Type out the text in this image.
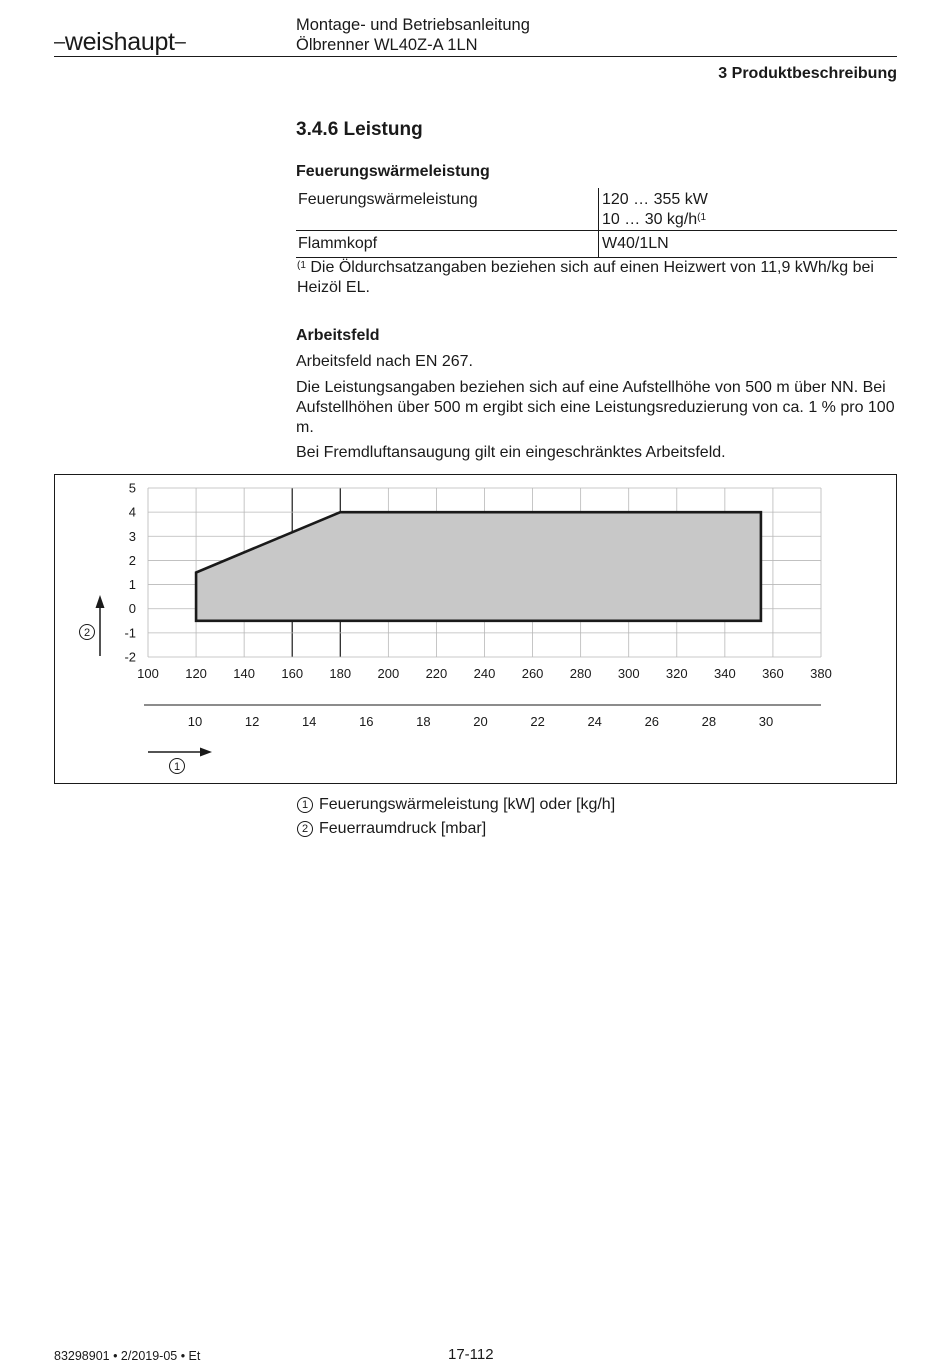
–weishaupt–
Montage- und Betriebsanleitung
Ölbrenner WL40Z-A 1LN
3 Produktbeschreibung
3.4.6 Leistung
Feuerungswärmeleistung
Feuerungswärmeleistung	120 … 355 kW
10 … 30 $kg/h^{(1}$
Flammkopf	W40/1LN
$^{(1}$ Die Öldurchsatzangaben beziehen sich auf einen Heizwert von 11,9 kWh/kg bei Heizöl EL.
Arbeitsfeld
Arbeitsfeld nach EN 267.
Die Leistungsangaben beziehen sich auf eine Aufstellhöhe von 500 m über NN. Bei Aufstellhöhen über 500 m ergibt sich eine Leistungsreduzierung von ca. 1 % pro 100 m.
Bei Fremdluftansaugung gilt ein eingeschränktes Arbeitsfeld.
100 120 140 160 180 200 220 240 260 280 300 320 340 360 380
-2
-1
0
1
2
3
4
5
10	12	14	16	18	20	22	24	26	28	30
1
2
1 Feuerungswärmeleistung [kW] oder [kg/h]
2 Feuerraumdruck [mbar]
83298901 • 2/2019-05 • Et	17-112
